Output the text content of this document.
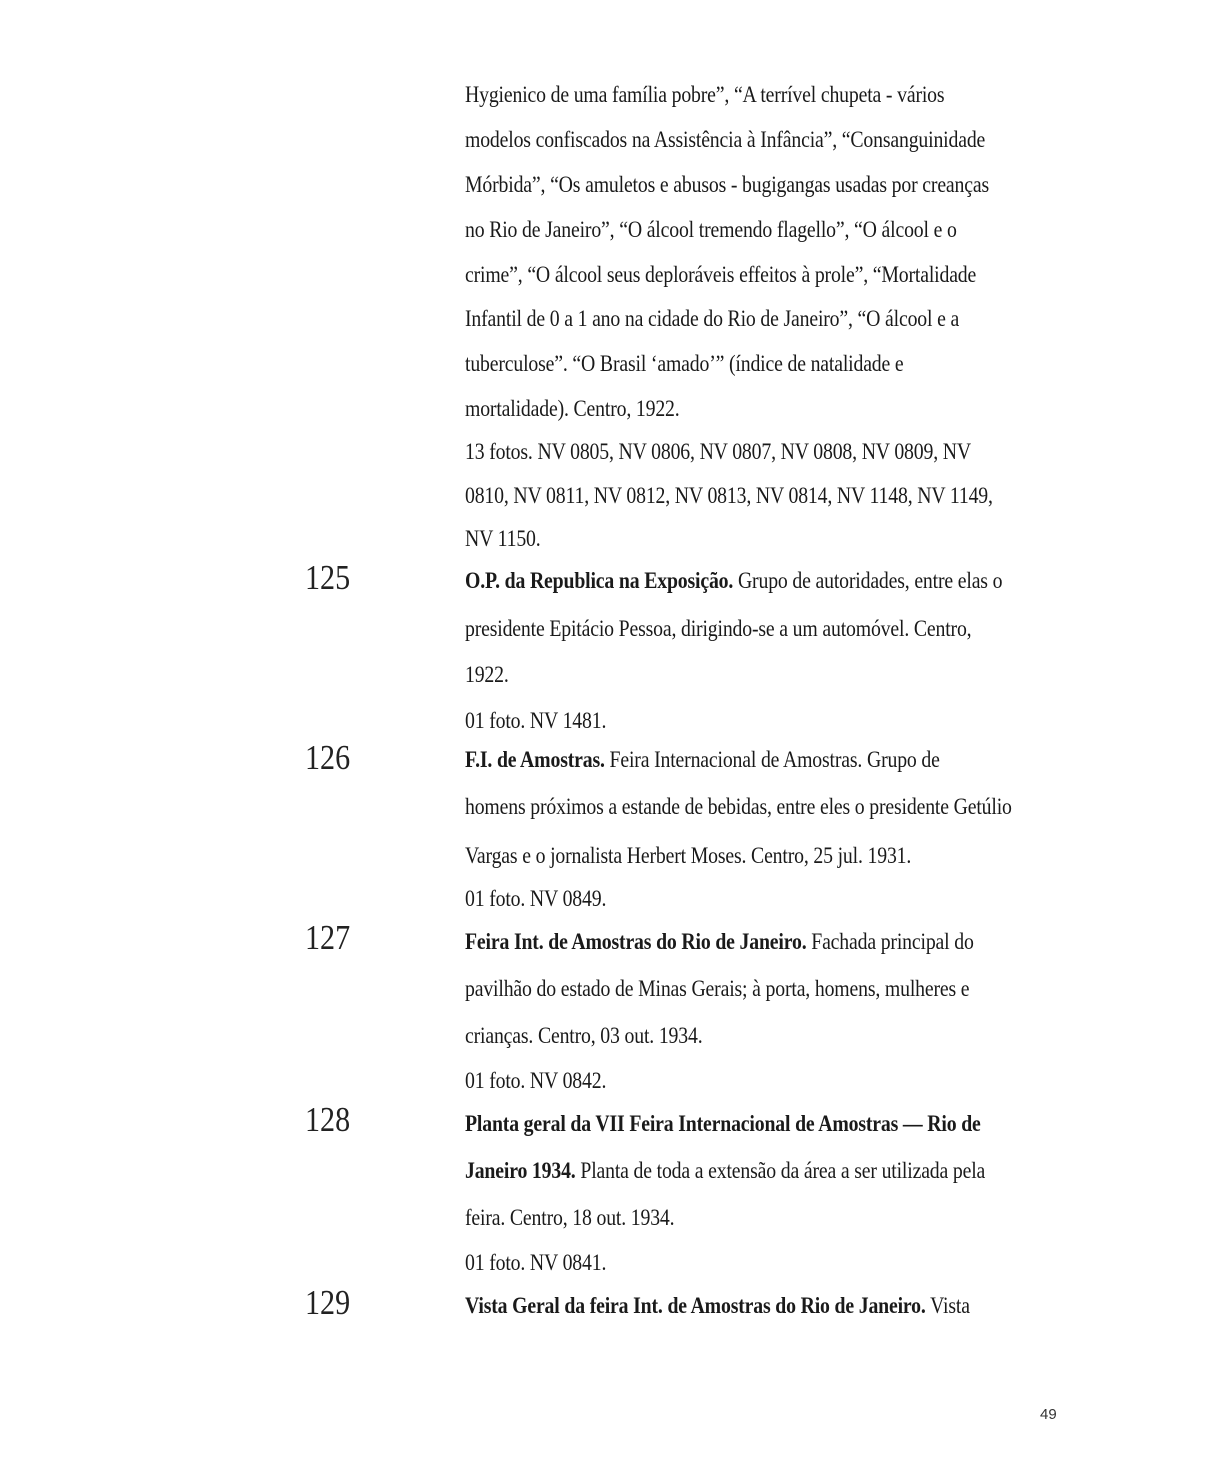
Hygienico de uma família pobre”, “A terrível chupeta - vários
modelos confiscados na Assistência à Infância”, “Consanguinidade
Mórbida”, “Os amuletos e abusos - bugigangas usadas por creanças
no Rio de Janeiro”, “O álcool tremendo flagello”, “O álcool e o
crime”, “O álcool seus deploráveis effeitos à prole”, “Mortalidade
Infantil de 0 a 1 ano na cidade do Rio de Janeiro”, “O álcool e a
tuberculose”. “O Brasil ‘amado’” (índice de natalidade e
mortalidade). Centro, 1922.
13 fotos. NV 0805, NV 0806, NV 0807, NV 0808, NV 0809, NV
0810, NV 0811, NV 0812, NV 0813, NV 0814, NV 1148, NV 1149,
NV 1150.
125	O.P. da Republica na Exposição. Grupo de autoridades, entre elas o
presidente Epitácio Pessoa, dirigindo-se a um automóvel. Centro,
1922.
01 foto. NV 1481.
126	F.I. de Amostras. Feira Internacional de Amostras. Grupo de
homens próximos a estande de bebidas, entre eles o presidente Getúlio
Vargas e o jornalista Herbert Moses. Centro, 25 jul. 1931.
01 foto. NV 0849.
127	Feira Int. de Amostras do Rio de Janeiro. Fachada principal do
pavilhão do estado de Minas Gerais; à porta, homens, mulheres e
crianças. Centro, 03 out. 1934.
01 foto. NV 0842.
128	Planta geral da VII Feira Internacional de Amostras — Rio de
Janeiro 1934. Planta de toda a extensão da área a ser utilizada pela
feira. Centro, 18 out. 1934.
01 foto. NV 0841.
129	Vista Geral da feira Int. de Amostras do Rio de Janeiro. Vista
49
